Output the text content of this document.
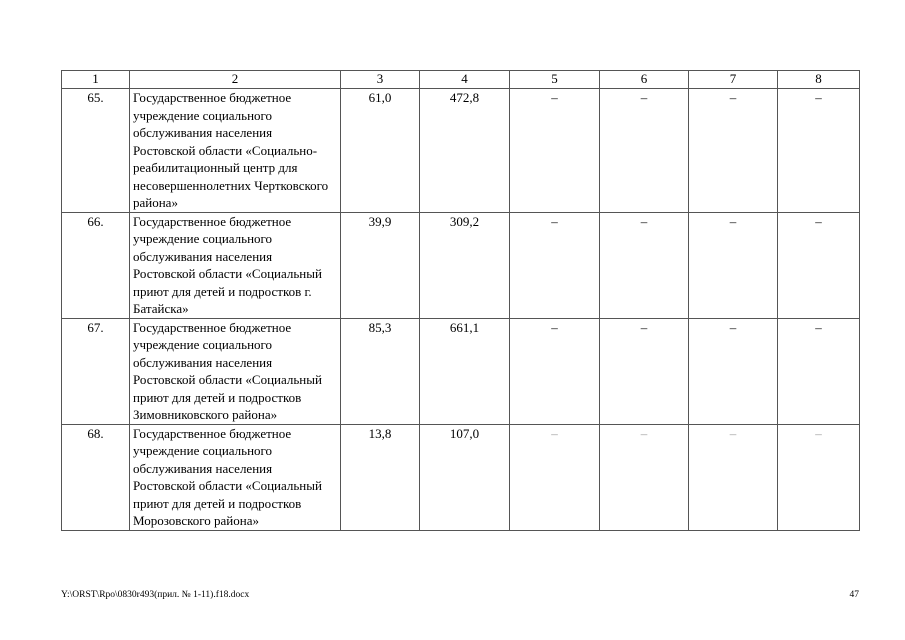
1	2	3	4	5	6	7	8
65.	Государственное бюджетное учреждение социального обслуживания населения Ростовской области «Социально-реабилитационный центр для несовершеннолетних Чертковского района»	61,0	472,8	–	–	–	–
66.	Государственное бюджетное учреждение социального обслуживания населения Ростовской области «Социальный приют для детей и подростков г. Батайска»	39,9	309,2	–	–	–	–
67.	Государственное бюджетное учреждение социального обслуживания населения Ростовской области «Социальный приют для детей и подростков Зимовниковского района»	85,3	661,1	–	–	–	–
68.	Государственное бюджетное учреждение социального обслуживания населения Ростовской области «Социальный приют для детей и подростков Морозовского района»	13,8	107,0	–	–	–	–
Y:\ORST\Rpo\0830r493(прил. № 1-11).f18.docx	47
